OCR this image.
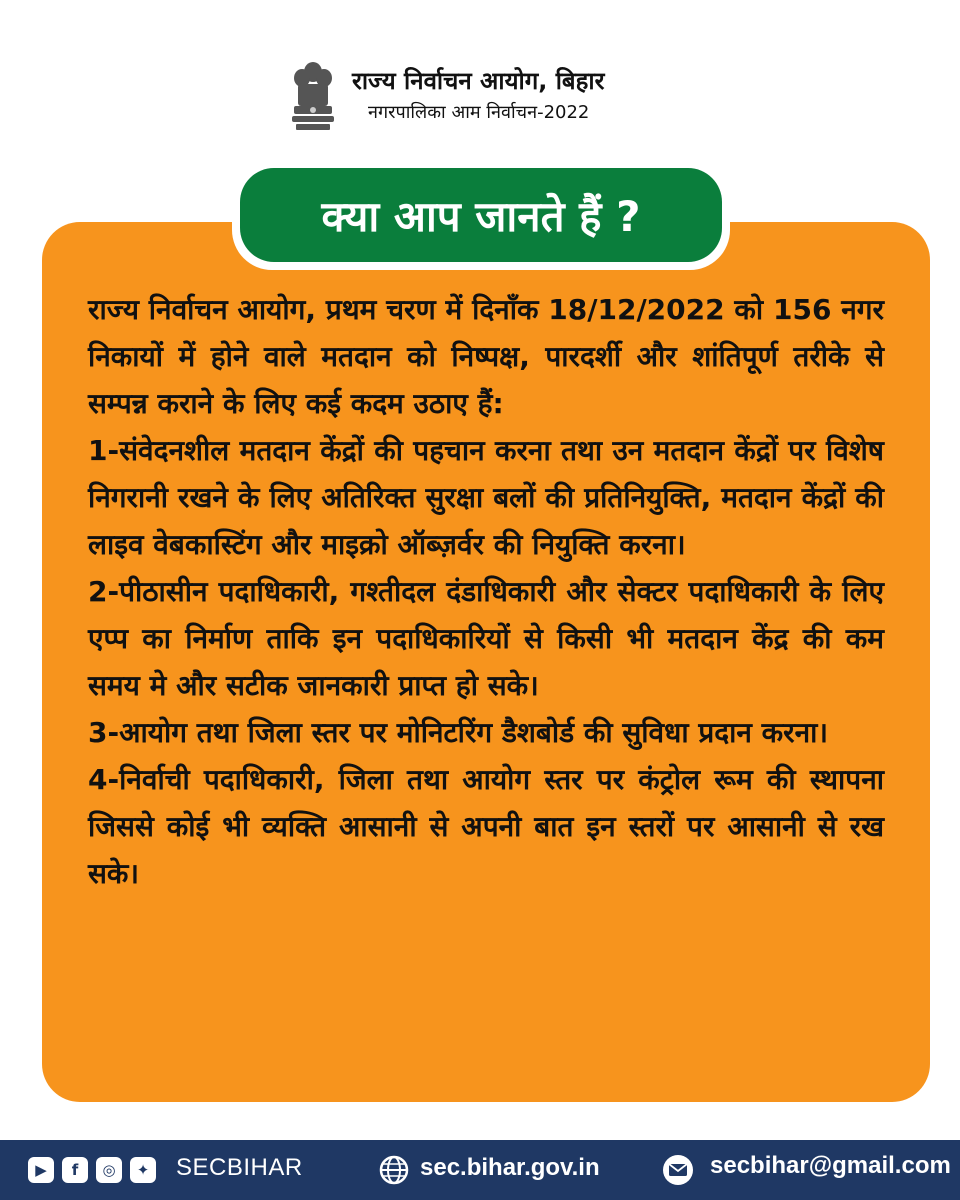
राज्य निर्वाचन आयोग, बिहार
नगरपालिका आम निर्वाचन-2022
क्या आप जानते हैं ?

राज्य निर्वाचन आयोग, प्रथम चरण में दिनाँक 18/12/2022 को 156 नगर निकायों में होने वाले मतदान को निष्पक्ष, पारदर्शी और शांतिपूर्ण तरीके से सम्पन्न कराने के लिए कई कदम उठाए हैं:

1-संवेदनशील मतदान केंद्रों की पहचान करना तथा उन मतदान केंद्रों पर विशेष निगरानी रखने के लिए अतिरिक्त सुरक्षा बलों की प्रतिनियुक्ति, मतदान केंद्रों की लाइव वेबकास्टिंग और माइक्रो ऑब्ज़र्वर की नियुक्ति करना।

2-पीठासीन पदाधिकारी, गश्तीदल दंडाधिकारी और सेक्टर पदाधिकारी के लिए एप्प का निर्माण ताकि इन पदाधिकारियों से किसी भी मतदान केंद्र की कम समय मे और सटीक जानकारी प्राप्त हो सके।

3-आयोग तथा जिला स्तर पर मोनिटरिंग डैशबोर्ड की सुविधा प्रदान करना।

4-निर्वाची पदाधिकारी, जिला तथा आयोग स्तर पर कंट्रोल रूम की स्थापना जिससे कोई भी व्यक्ति आसानी से अपनी बात इन स्तरों पर आसानी से रख सके।

▶	f	◎	✦ SECBIHAR	sec.bihar.gov.in	secbihar@gmail.com
